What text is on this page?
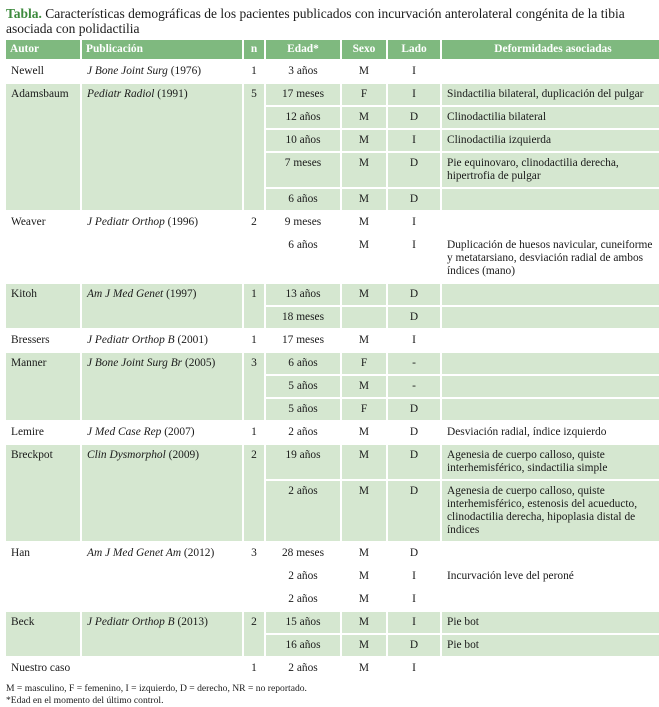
Tabla. Características demográficas de los pacientes publicados con incurvación anterolateral congénita de la tibia asociada con polidactilia

Autor	Publicación	n	Edad*	Sexo	Lado	Deformidades asociadas
Newell	J Bone Joint Surg (1976)	1	3 años	M	I	
Adamsbaum	Pediatr Radiol (1991)	5	17 meses	F	I	Sindactilia bilateral, duplicación del pulgar
			12 años	M	D	Clinodactilia bilateral
			10 años	M	I	Clinodactilia izquierda
			7 meses	M	D	Pie equinovaro, clinodactilia derecha, hipertrofia de pulgar
			6 años	M	D	
Weaver	J Pediatr Orthop (1996)	2	9 meses	M	I	
			6 años	M	I	Duplicación de huesos navicular, cuneiforme y metatarsiano, desviación radial de ambos índices (mano)
Kitoh	Am J Med Genet (1997)	1	13 años	M	D	
			18 meses		D	
Bressers	J Pediatr Orthop B (2001)	1	17 meses	M	I	
Manner	J Bone Joint Surg Br (2005)	3	6 años	F	-	
			5 años	M	-	
			5 años	F	D	
Lemire	J Med Case Rep (2007)	1	2 años	M	D	Desviación radial, índice izquierdo
Breckpot	Clin Dysmorphol (2009)	2	19 años	M	D	Agenesia de cuerpo calloso, quiste interhemisférico, sindactilia simple
			2 años	M	D	Agenesia de cuerpo calloso, quiste interhemisférico, estenosis del acueducto, clinodactilia derecha, hipoplasia distal de índices
Han	Am J Med Genet Am (2012)	3	28 meses	M	D	
			2 años	M	I	Incurvación leve del peroné
			2 años	M	I	
Beck	J Pediatr Orthop B (2013)	2	15 años	M	I	Pie bot
			16 años	M	D	Pie bot
Nuestro caso		1	2 años	M	I	
M = masculino, F = femenino, I = izquierdo, D = derecho, NR = no reportado.
*Edad en el momento del último control.
